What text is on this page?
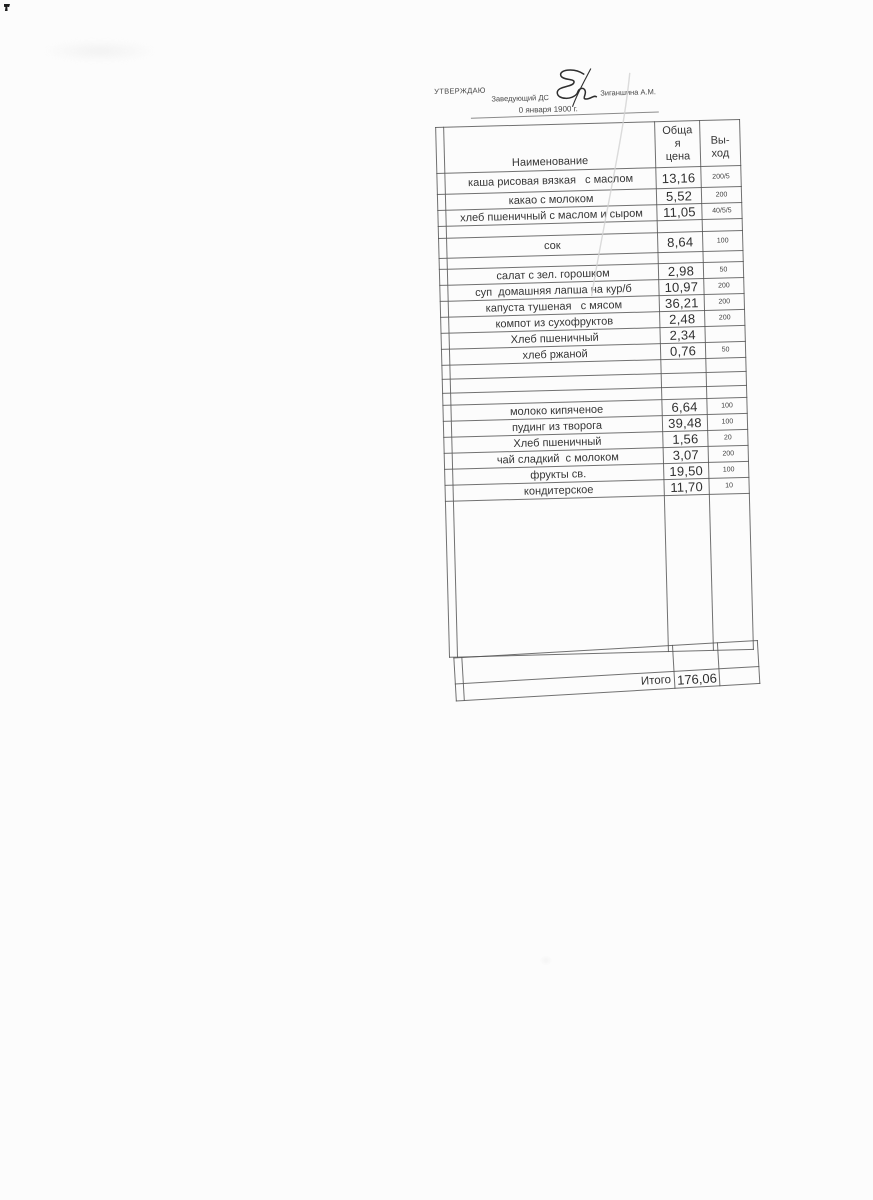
УТВЕРЖДАЮ
Заведующий ДС
Зиганшина А.М.
0 января 1900 г.
	Наименование	
Обща
я
цена

Вы-
ход

	каша рисовая вязкая   с маслом	13,16	200/5
	какао с молоком	5,52	200
	хлеб пшеничный с маслом и сыром	11,05	40/5/5

	сок	8,64	100

	салат с зел. горошком	2,98	50
	суп  домашняя лапша на кур/б	10,97	200
	капуста тушеная   с мясом	36,21	200
	компот из сухофруктов	2,48	200
	Хлеб пшеничный	2,34	
	хлеб ржаной	0,76	50

	молоко кипяченое	6,64	100
	пудинг из творога	39,48	100
	Хлеб пшеничный	1,56	20
	чай сладкий  с молоком	3,07	200
	фрукты св.	19,50	100
	кондитерское	11,70	10

	Итого	176,06	
